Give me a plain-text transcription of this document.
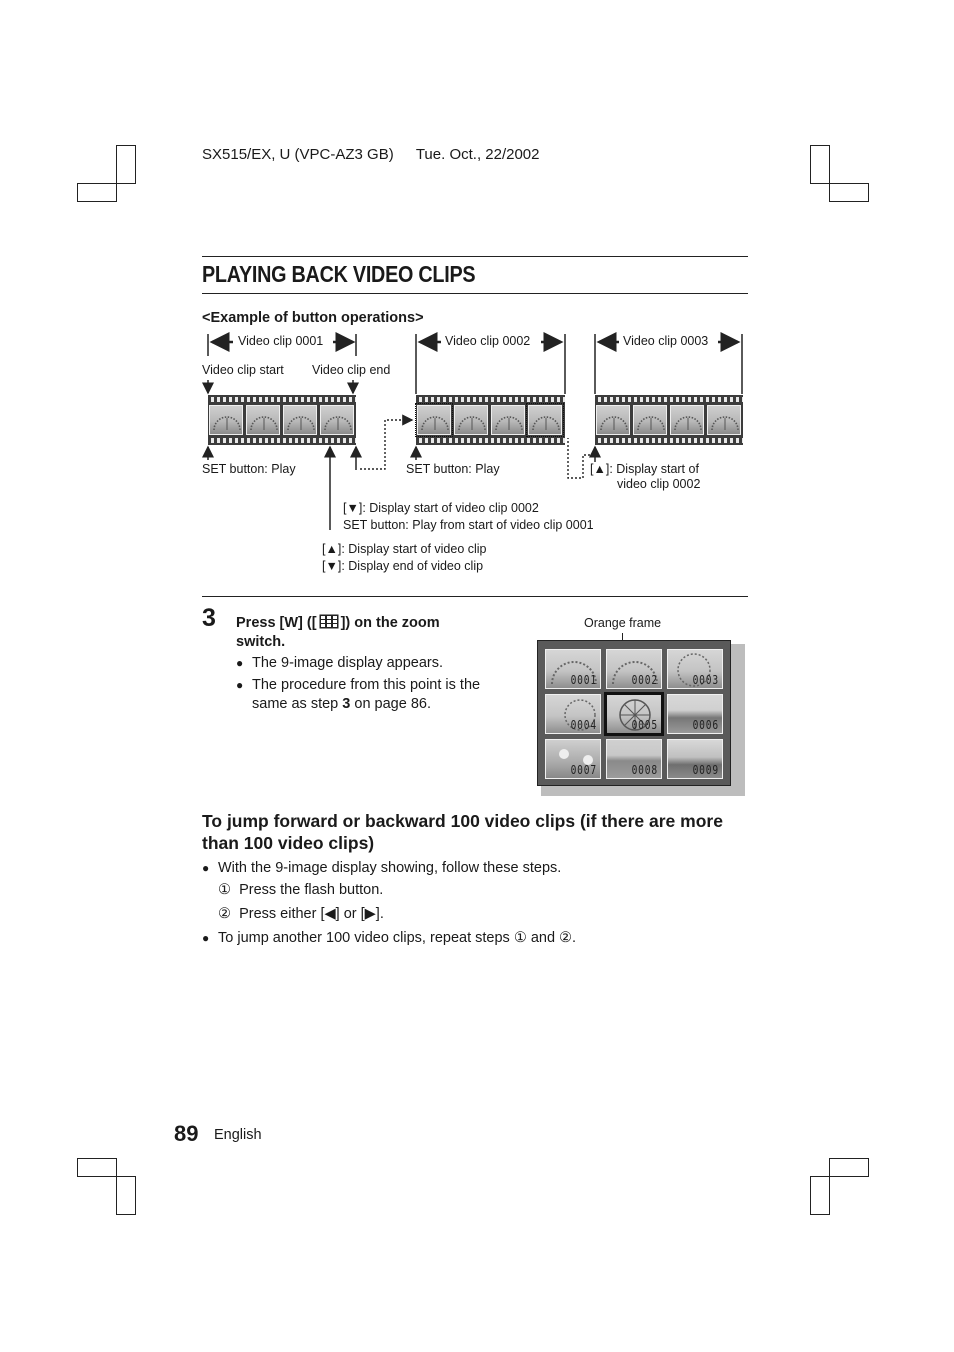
SX515/EX, U (VPC-AZ3 GB) Tue. Oct., 22/2002
PLAYING BACK VIDEO CLIPS
<Example of button operations>
Video clip 0001	Video clip 0002	Video clip 0003
Video clip start Video clip end
SET button: Play	SET button: Play	[▲]: Display start of
video clip 0002
[▼]: Display start of video clip 0002
SET button: Play from start of video clip 0001
[▲]: Display start of video clip
[▼]: Display end of video clip
3 Press [W] ([ ]) on the zoom
switch.
● The 9-image display appears.
● The procedure from this point is the
same as step 3 on page 86.
Orange frame
0001	0002	0003
0004	0005	0006
0007	0008	0009
To jump forward or backward 100 video clips (if there are more
than 100 video clips)
● With the 9-image display showing, follow these steps.
① Press the flash button.
② Press either [◀] or [▶].
● To jump another 100 video clips, repeat steps ① and ②.
89 English
